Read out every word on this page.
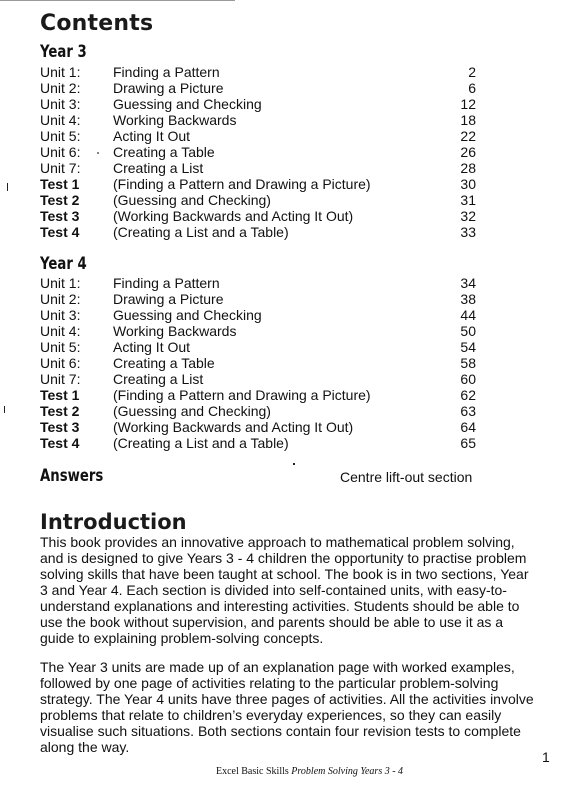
Contents
Year 3
Unit 1: Finding a Pattern	2
Unit 2: Drawing a Picture	6
Unit 3: Guessing and Checking	12
Unit 4: Working Backwards	18
Unit 5: Acting It Out	22
Unit 6: Creating a Table	26
Unit 7: Creating a List	28
Test 1 (Finding a Pattern and Drawing a Picture)	30
Test 2 (Guessing and Checking)	31
Test 3 (Working Backwards and Acting It Out)	32
Test 4 (Creating a List and a Table)	33
Year 4
Unit 1: Finding a Pattern	34
Unit 2: Drawing a Picture	38
Unit 3: Guessing and Checking	44
Unit 4: Working Backwards	50
Unit 5: Acting It Out	54
Unit 6: Creating a Table	58
Unit 7: Creating a List	60
Test 1 (Finding a Pattern and Drawing a Picture)	62
Test 2 (Guessing and Checking)	63
Test 3 (Working Backwards and Acting It Out)	64
Test 4 (Creating a List and a Table)	65
Answers	Centre lift-out section
Introduction

This book provides an innovative approach to mathematical problem solving, and is designed to give Years 3 - 4 children the opportunity to practise problem solving skills that have been taught at school. The book is in two sections, Year 3 and Year 4. Each section is divided into self-contained units, with easy-to-understand explanations and interesting activities. Students should be able to use the book without supervision, and parents should be able to use it as a guide to explaining problem-solving concepts.

The Year 3 units are made up of an explanation page with worked examples, followed by one page of activities relating to the particular problem-solving strategy. The Year 4 units have three pages of activities. All the activities involve problems that relate to children’s everyday experiences, so they can easily visualise such situations. Both sections contain four revision tests to complete along the way.

Excel Basic Skills Problem Solving Years 3 - 4
1
